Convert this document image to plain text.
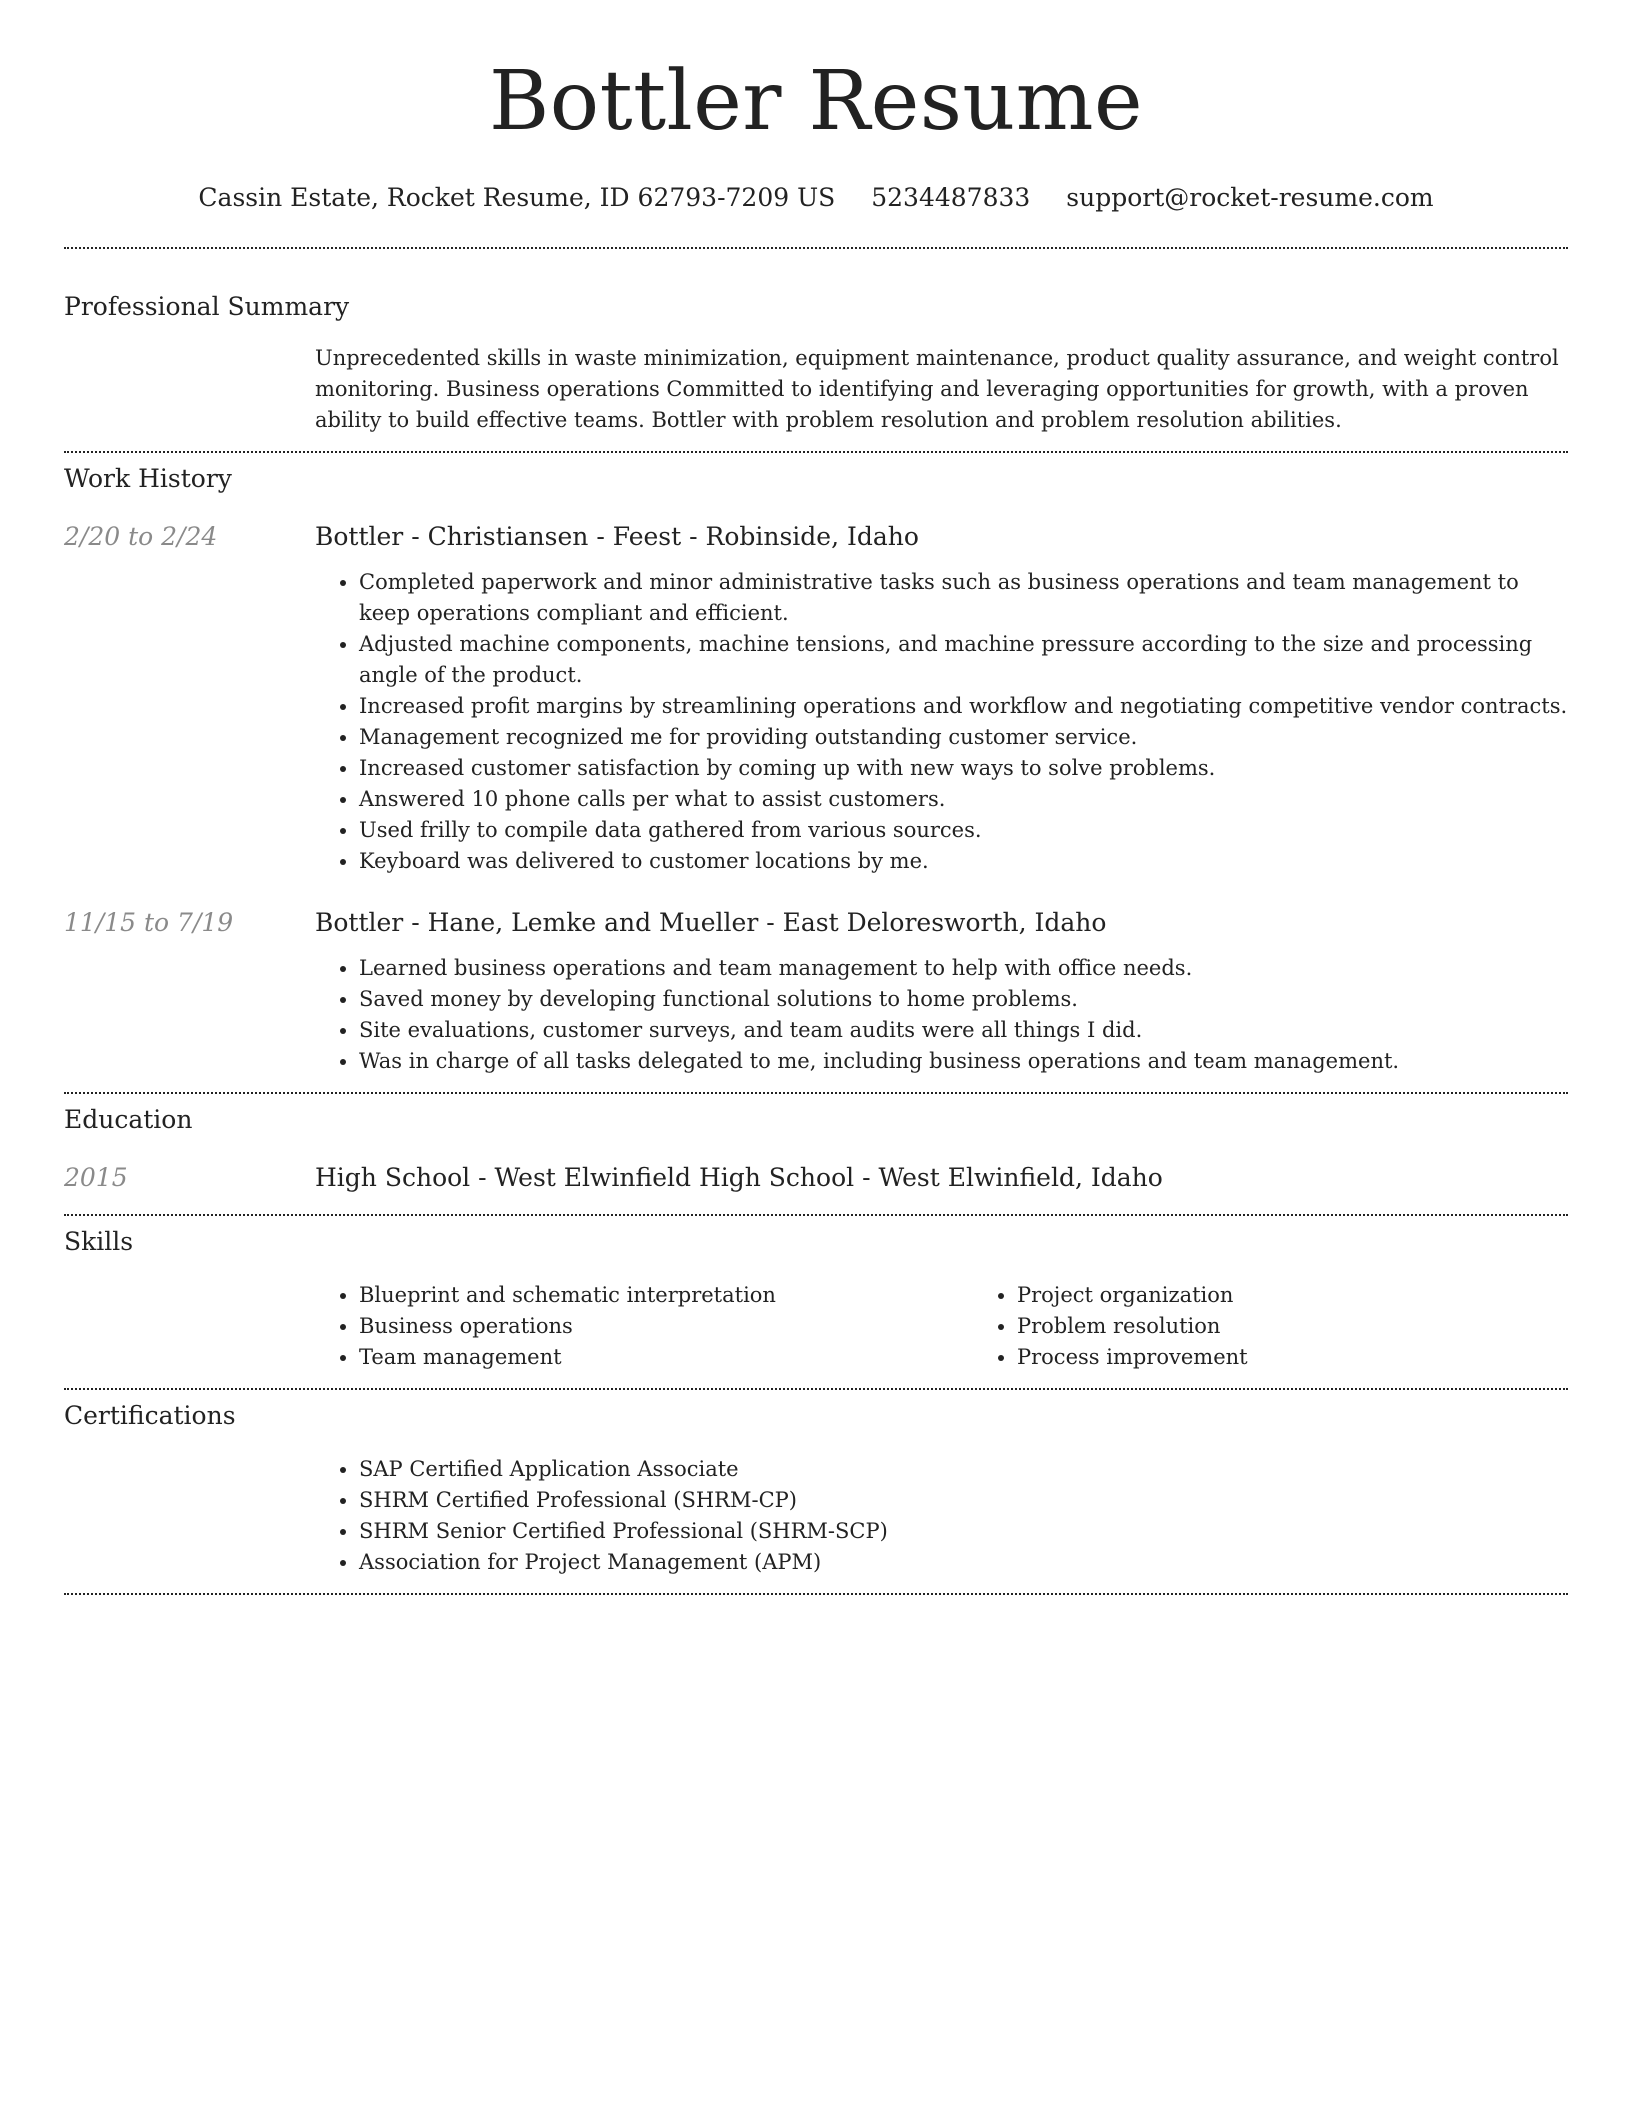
Bottler Resume
Cassin Estate, Rocket Resume, ID 62793-7209 US 5234487833 support@rocket-resume.com
Professional Summary
Unprecedented skills in waste minimization, equipment maintenance, product quality assurance, and weight control monitoring. Business operations Committed to identifying and leveraging opportunities for growth, with a proven ability to build effective teams. Bottler with problem resolution and problem resolution abilities.
Work History
2/20 to 2/24	Bottler - Christiansen - Feest - Robinside, Idaho
• Completed paperwork and minor administrative tasks such as business operations and team management to keep operations compliant and efficient.
• Adjusted machine components, machine tensions, and machine pressure according to the size and processing angle of the product.
• Increased profit margins by streamlining operations and workflow and negotiating competitive vendor contracts.
• Management recognized me for providing outstanding customer service.
• Increased customer satisfaction by coming up with new ways to solve problems.
• Answered 10 phone calls per what to assist customers.
• Used frilly to compile data gathered from various sources.
• Keyboard was delivered to customer locations by me.
11/15 to 7/19	Bottler - Hane, Lemke and Mueller - East Deloresworth, Idaho
• Learned business operations and team management to help with office needs.
• Saved money by developing functional solutions to home problems.
• Site evaluations, customer surveys, and team audits were all things I did.
• Was in charge of all tasks delegated to me, including business operations and team management.
Education
2015	High School - West Elwinfield High School - West Elwinfield, Idaho
Skills
• Blueprint and schematic interpretation
• Business operations
• Team management
• Project organization
• Problem resolution
• Process improvement
Certifications
• SAP Certified Application Associate
• SHRM Certified Professional (SHRM-CP)
• SHRM Senior Certified Professional (SHRM-SCP)
• Association for Project Management (APM)
